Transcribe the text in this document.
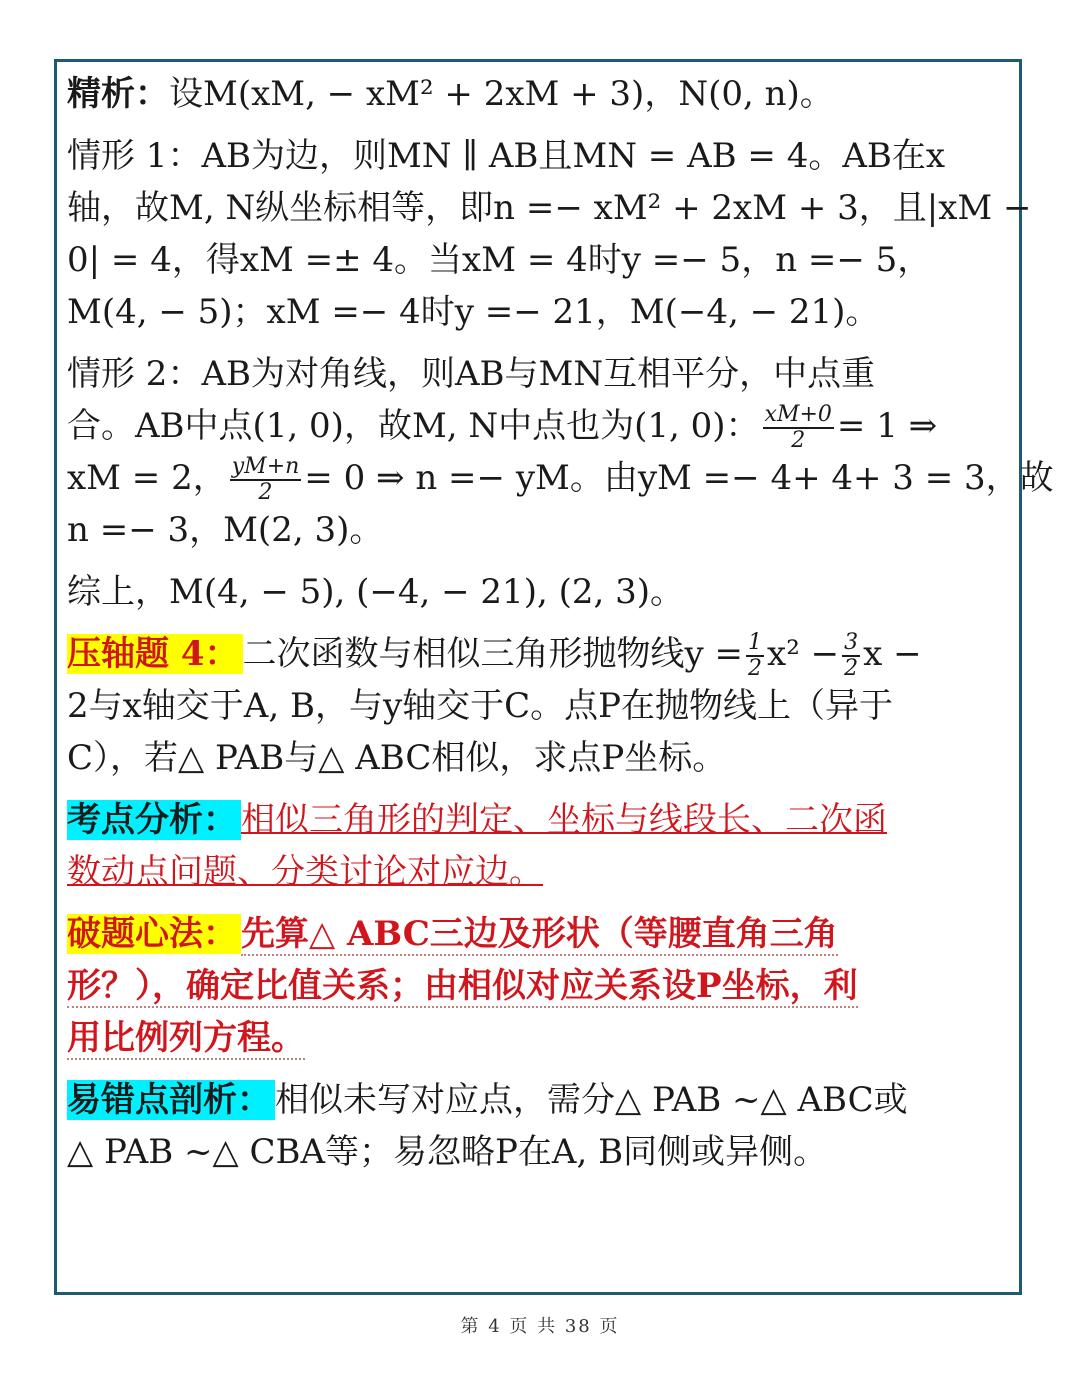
精析：设M(xM, − xM² + 2xM + 3)，N(0, n)。
情形 1：AB为边，则MN ∥ AB且MN = AB = 4。AB在x
轴，故M, N纵坐标相等，即n =− xM² + 2xM + 3，且|xM −
0| = 4，得xM =± 4。当xM = 4时y =− 5，n =− 5，
M(4, − 5)；xM =− 4时y =− 21，M(−4, − 21)。
情形 2：AB为对角线，则AB与MN互相平分，中点重
合。AB中点(1, 0)，故M, N中点也为(1, 0)： $\frac{xM+0}{2} = 1$ ⇒
xM = 2， $\frac{yM+n}{2} = 0$ ⇒ n =− yM。由yM =− 4+ 4+ 3 = 3，故
n =− 3，M(2, 3)。
综上，M(4, − 5), (−4, − 21), (2, 3)。
压轴题 4： 二次函数与相似三角形抛物线$y = \frac{1}{2} x^2 - \frac{3}{2}$ x −
2与x轴交于A, B，与y轴交于C。点P在抛物线上（异于
C），若△ PAB与△ ABC相似，求点P坐标。
考点分析： 相似三角形的判定、坐标与线段长、二次函
数动点问题、分类讨论对应边。
破题心法： 先算△ ABC三边及形状（等腰直角三角
形？），确定比值关系；由相似对应关系设P坐标，利
用比例列方程。
易错点剖析： 相似未写对应点，需分△ PAB ~△ ABC或
△ PAB ~△ CBA等；易忽略P在A, B同侧或异侧。
第 4 页 共 38 页
